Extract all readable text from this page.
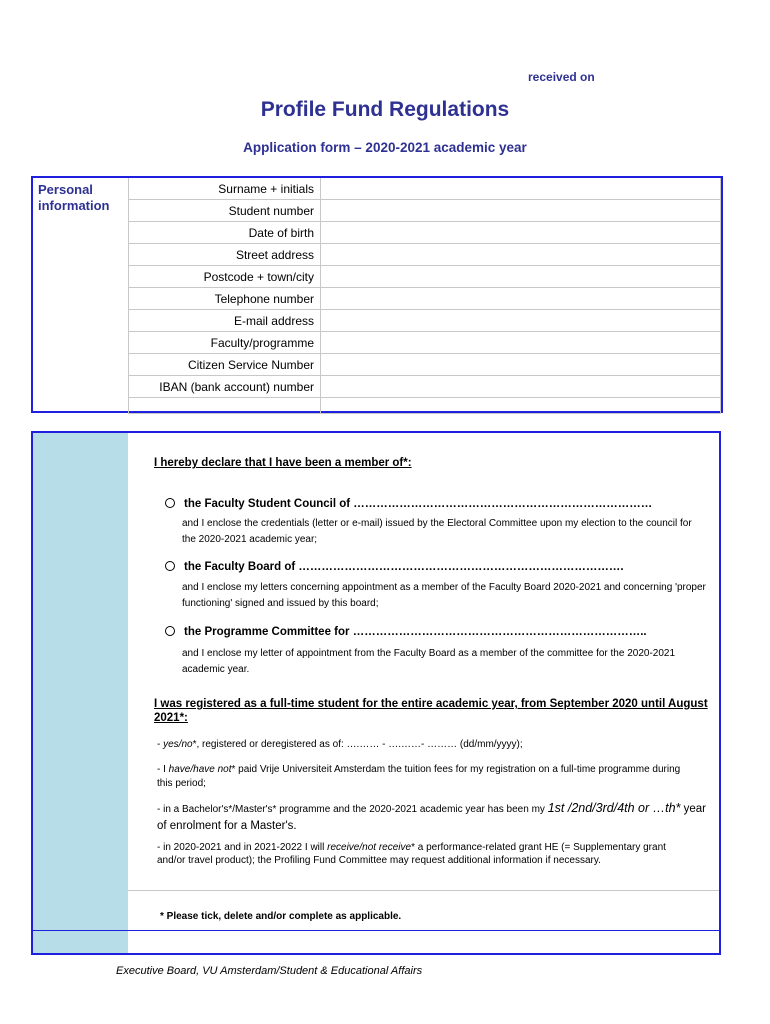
received on
Profile Fund Regulations
Application form – 2020-2021 academic year
Personal
information
Surname + initials	
Student number	
Date of birth	
Street address	
Postcode + town/city	
Telephone number	
E-mail address	
Faculty/programme	
Citizen Service Number	
IBAN (bank account) number	

I hereby declare that I have been a member of*:
the Faculty Student Council of ……………………………………………………………………
and I enclose the credentials (letter or e-mail) issued by the Electoral Committee upon my election to the council for the 2020-2021 academic year;
the Faculty Board of ………………………………………………………………………….
and I enclose my letters concerning appointment as a member of the Faculty Board 2020-2021 and concerning 'proper functioning' signed and issued by this board;
the Programme Committee for …………………………………………………………………..
and I enclose my letter of appointment from the Faculty Board as a member of the committee for the 2020-2021 academic year.
I was registered as a full-time student for the entire academic year, from September 2020 until August 2021*:
- yes/no*, registered or deregistered as of: ….…… - ….……- ……… (dd/mm/yyyy);
- I have/have not* paid Vrije Universiteit Amsterdam the tuition fees for my registration on a full-time programme during this period;
- in a Bachelor's*/Master's* programme and the 2020-2021 academic year has been my 1st /2nd/3rd/4th or …th* year of enrolment for a Master's.
- in 2020-2021 and in 2021-2022 I will receive/not receive* a performance-related grant HE (= Supplementary grant and/or travel product); the Profiling Fund Committee may request additional information if necessary.
* Please tick, delete and/or complete as applicable.
Executive Board, VU Amsterdam/Student & Educational Affairs
